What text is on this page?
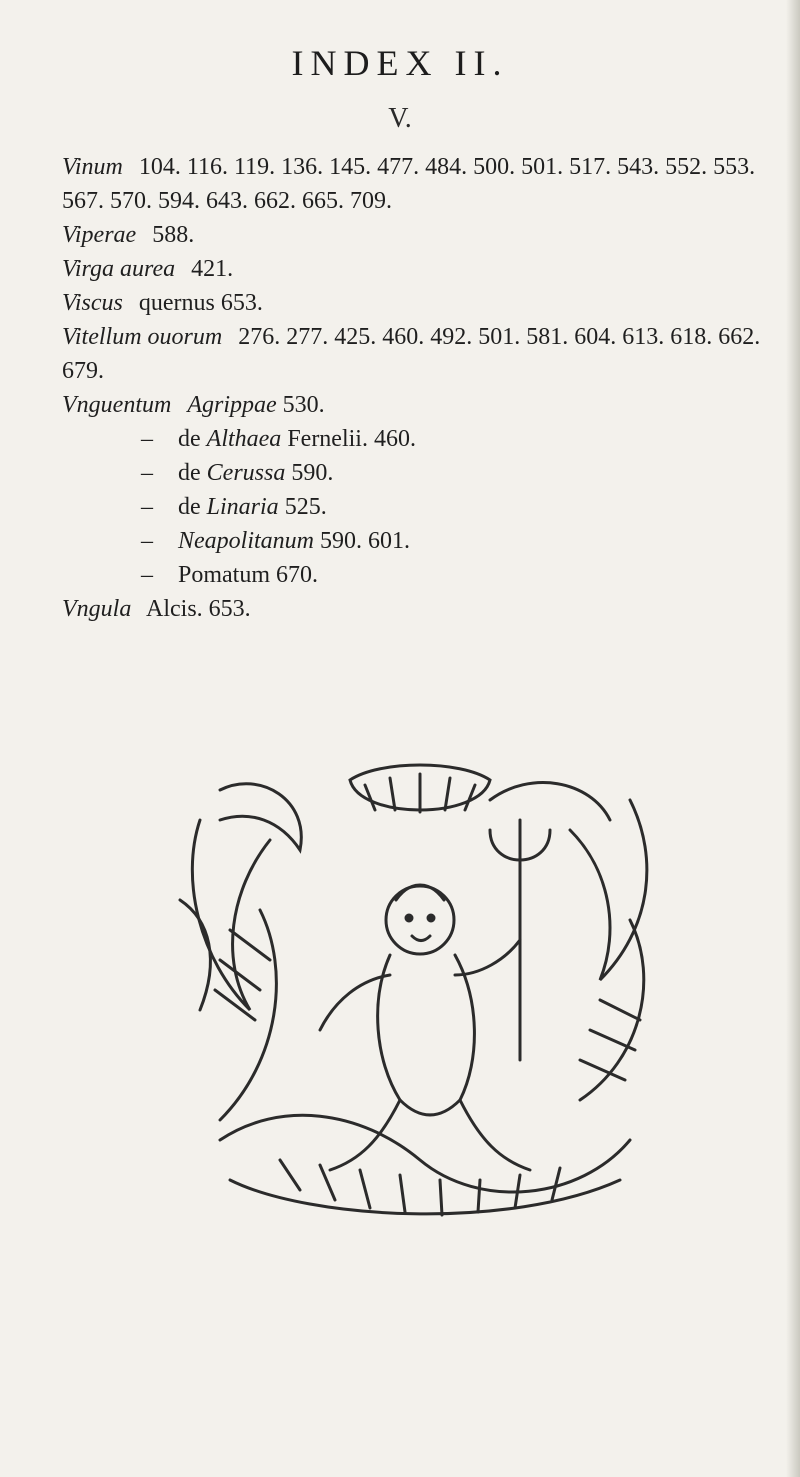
INDEX II.
V.

Vinum 104. 116. 119. 136. 145. 477. 484. 500. 501. 517. 543. 552. 553. 567. 570. 594. 643. 662. 665. 709.

Viperae 588.

Virga aurea 421.

Viscus quernus 653.

Vitellum ouorum 276. 277. 425. 460. 492. 501. 581. 604. 613. 618. 662. 679.

Vnguentum Agrippae 530.

– de Althaea Fernelii. 460.

– de Cerussa 590.

– de Linaria 525.

– Neapolitanum 590. 601.

– Pomatum 670.

Vngula Alcis. 653.
